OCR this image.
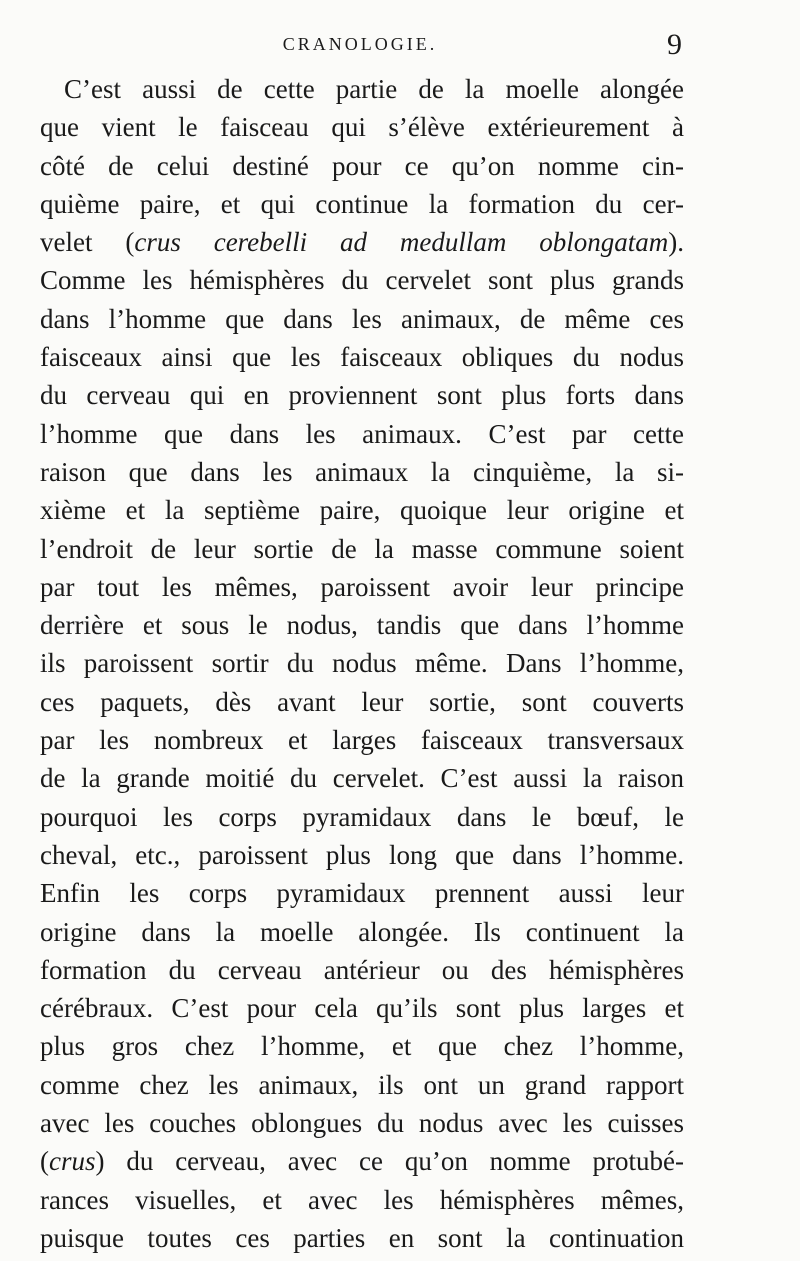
CRANOLOGIE.	9
C’est aussi de cette partie de la moelle alongée
que vient le faisceau qui s’élève extérieurement à
côté de celui destiné pour ce qu’on nomme cin-
quième paire, et qui continue la formation du cer-
velet (crus cerebelli ad medullam oblongatam).
Comme les hémisphères du cervelet sont plus grands
dans l’homme que dans les animaux, de même ces
faisceaux ainsi que les faisceaux obliques du nodus
du cerveau qui en proviennent sont plus forts dans
l’homme que dans les animaux. C’est par cette
raison que dans les animaux la cinquième, la si-
xième et la septième paire, quoique leur origine et
l’endroit de leur sortie de la masse commune soient
par tout les mêmes, paroissent avoir leur principe
derrière et sous le nodus, tandis que dans l’homme
ils paroissent sortir du nodus même. Dans l’homme,
ces paquets, dès avant leur sortie, sont couverts
par les nombreux et larges faisceaux transversaux
de la grande moitié du cervelet. C’est aussi la raison
pourquoi les corps pyramidaux dans le bœuf, le
cheval, etc., paroissent plus long que dans l’homme.
Enfin les corps pyramidaux prennent aussi leur
origine dans la moelle alongée. Ils continuent la
formation du cerveau antérieur ou des hémisphères
cérébraux. C’est pour cela qu’ils sont plus larges et
plus gros chez l’homme, et que chez l’homme,
comme chez les animaux, ils ont un grand rapport
avec les couches oblongues du nodus avec les cuisses
(crus) du cerveau, avec ce qu’on nomme protubé-
rances visuelles, et avec les hémisphères mêmes,
puisque toutes ces parties en sont la continuation
